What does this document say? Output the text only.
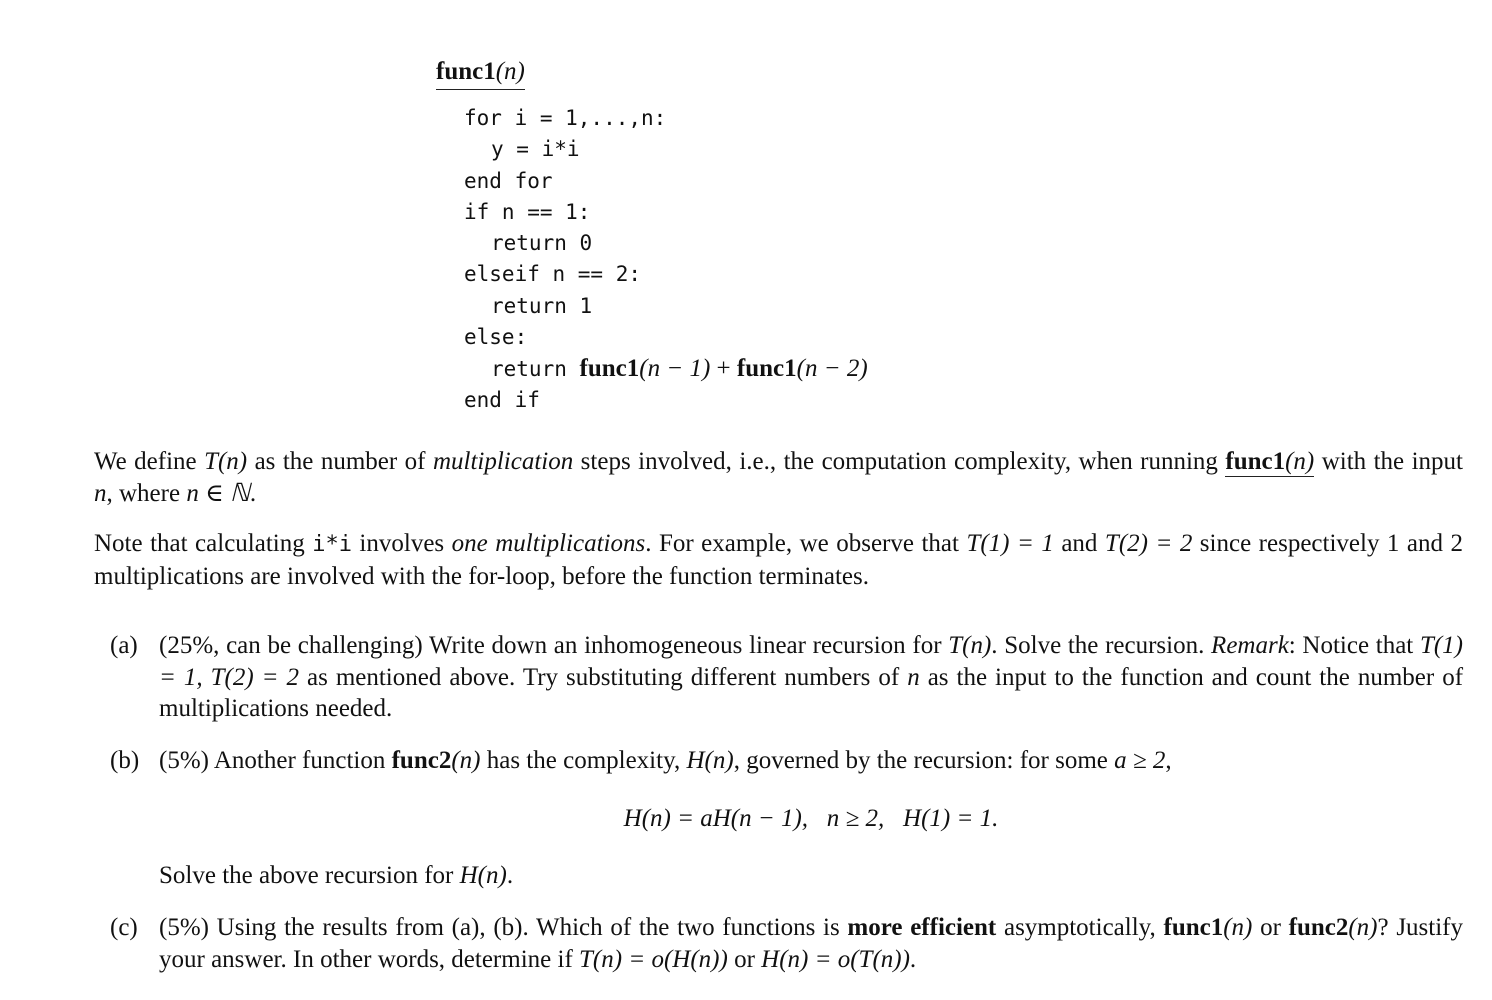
func1(n)
for i = 1,...,n:
y = i*i
end for
if n == 1:
return 0
elseif n == 2:
return 1
else:
return func1(n − 1) + func1(n − 2)
end if
We define T(n) as the number of multiplication steps involved, i.e., the computation complexity, when running func1(n) with the input n, where n ∈ ℕ.
Note that calculating i*i involves one multiplications. For example, we observe that T(1) = 1 and T(2) = 2 since respectively 1 and 2 multiplications are involved with the for-loop, before the function terminates.
(a) (25%, can be challenging) Write down an inhomogeneous linear recursion for T(n). Solve the recursion. Remark: Notice that T(1) = 1, T(2) = 2 as mentioned above. Try substituting different numbers of n as the input to the function and count the number of multiplications needed.
(b) (5%) Another function func2(n) has the complexity, H(n), governed by the recursion: for some a ≥ 2,
H(n) = aH(n − 1),   n ≥ 2,   H(1) = 1.
Solve the above recursion for H(n).
(c) (5%) Using the results from (a), (b). Which of the two functions is more efficient asymptotically, func1(n) or func2(n)? Justify your answer. In other words, determine if T(n) = o(H(n)) or H(n) = o(T(n)).
